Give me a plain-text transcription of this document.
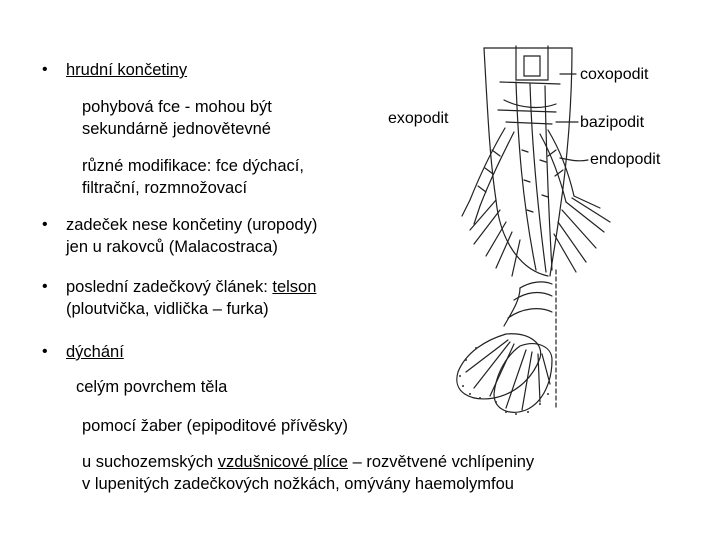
• hrudní končetiny
pohybová fce - mohou být
sekundárně jednovětevné
různé modifikace: fce dýchací,
filtrační, rozmnožovací
• zadeček nese končetiny (uropody)
jen u rakovců (Malacostraca)
• poslední zadečkový článek: telson
(ploutvička, vidlička – furka)
• dýchání
celým povrchem těla
pomocí žaber (epipoditové přívěsky)
u suchozemských vzdušnicové plíce – rozvětvené vchlípeniny
v lupenitých zadečkových nožkách, omývány haemolymfou
coxopodit
exopodit	bazipodit
endopodit
